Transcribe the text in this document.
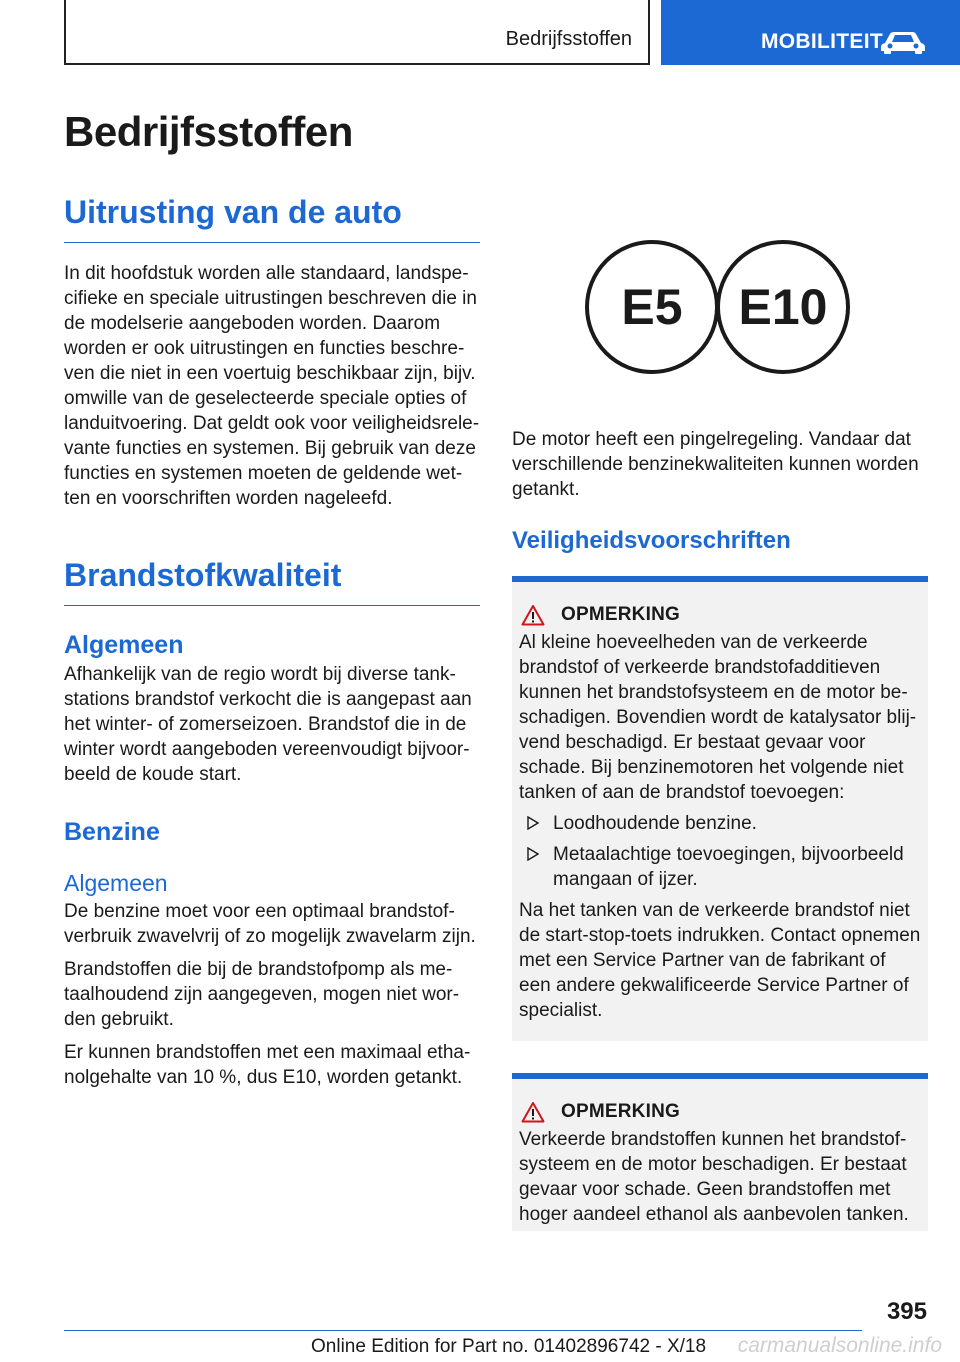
Bedrijfsstoffen	MOBILITEIT
Bedrijfsstoffen
Uitrusting van de auto

In dit hoofdstuk worden alle standaard, landspecifieke en speciale uitrustingen beschreven die in de modelserie aangeboden worden. Daarom worden er ook uitrustingen en functies beschreven die niet in een voertuig beschikbaar zijn, bijv. omwille van de geselecteerde speciale opties of landuitvoering. Dat geldt ook voor veiligheidsrelevante functies en systemen. Bij gebruik van deze functies en systemen moeten de geldende wetten en voorschriften worden nageleefd.

Brandstofkwaliteit
Algemeen

Afhankelijk van de regio wordt bij diverse tankstations brandstof verkocht die is aangepast aan het winter- of zomerseizoen. Brandstof die in de winter wordt aangeboden vereenvoudigt bijvoorbeeld de koude start.

Benzine
Algemeen

De benzine moet voor een optimaal brandstofverbruik zwavelvrij of zo mogelijk zwavelarm zijn.

Brandstoffen die bij de brandstofpomp als metaalhoudend zijn aangegeven, mogen niet worden gebruikt.

Er kunnen brandstoffen met een maximaal ethanolgehalte van 10 %, dus E10, worden getankt.

E5	E10

De motor heeft een pingelregeling. Vandaar dat verschillende benzinekwaliteiten kunnen worden getankt.

Veiligheidsvoorschriften
OPMERKING

Al kleine hoeveelheden van de verkeerde brandstof of verkeerde brandstofadditieven kunnen het brandstofsysteem en de motor beschadigen. Bovendien wordt de katalysator blijvend beschadigd. Er bestaat gevaar voor schade. Bij benzinemotoren het volgende niet tanken of aan de brandstof toevoegen:

Loodhoudende benzine.
Metaalachtige toevoegingen, bijvoorbeeld mangaan of ijzer.

Na het tanken van de verkeerde brandstof niet de start-stop-toets indrukken. Contact opnemen met een Service Partner van de fabrikant of een andere gekwalificeerde Service Partner of specialist.

OPMERKING

Verkeerde brandstoffen kunnen het brandstofsysteem en de motor beschadigen. Er bestaat gevaar voor schade. Geen brandstoffen met hoger aandeel ethanol als aanbevolen tanken.

395
Online Edition for Part no. 01402896742 - X/18 carmanualsonline.info
